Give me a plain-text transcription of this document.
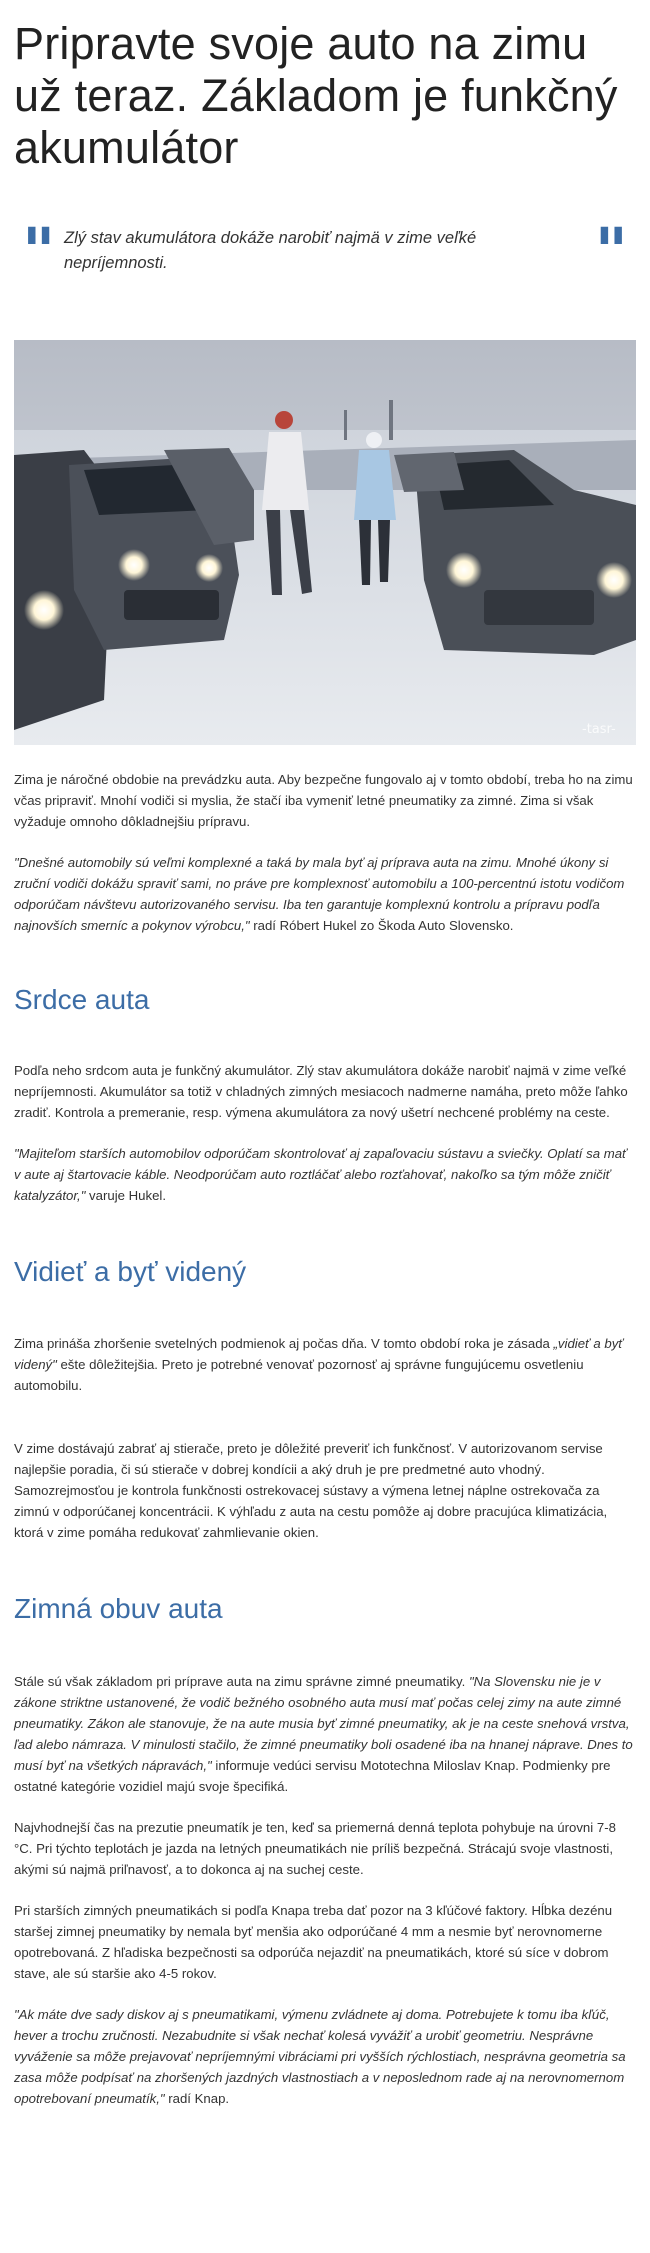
Pripravte svoje auto na zimu už teraz. Základom je funkčný akumulátor
" Zlý stav akumulátora dokáže narobiť najmä v zime veľké nepríjemnosti.	"
-tasr-

Zima je náročné obdobie na prevádzku auta. Aby bezpečne fungovalo aj v tomto období, treba ho na zimu včas pripraviť. Mnohí vodiči si myslia, že stačí iba vymeniť letné pneumatiky za zimné. Zima si však vyžaduje omnoho dôkladnejšiu prípravu.

"Dnešné automobily sú veľmi komplexné a taká by mala byť aj príprava auta na zimu. Mnohé úkony si zruční vodiči dokážu spraviť sami, no práve pre komplexnosť automobilu a 100-percentnú istotu vodičom odporúčam návštevu autorizovaného servisu. Iba ten garantuje komplexnú kontrolu a prípravu podľa najnovších smerníc a pokynov výrobcu," radí Róbert Hukel zo Škoda Auto Slovensko.

Srdce auta

Podľa neho srdcom auta je funkčný akumulátor. Zlý stav akumulátora dokáže narobiť najmä v zime veľké nepríjemnosti. Akumulátor sa totiž v chladných zimných mesiacoch nadmerne namáha, preto môže ľahko zradiť. Kontrola a premeranie, resp. výmena akumulátora za nový ušetrí nechcené problémy na ceste.

"Majiteľom starších automobilov odporúčam skontrolovať aj zapaľovaciu sústavu a sviečky. Oplatí sa mať v aute aj štartovacie káble. Neodporúčam auto roztláčať alebo rozťahovať, nakoľko sa tým môže zničiť katalyzátor," varuje Hukel.

Vidieť a byť videný

Zima prináša zhoršenie svetelných podmienok aj počas dňa. V tomto období roka je zásada „vidieť a byť videný" ešte dôležitejšia. Preto je potrebné venovať pozornosť aj správne fungujúcemu osvetleniu automobilu.

V zime dostávajú zabrať aj stierače, preto je dôležité preveriť ich funkčnosť. V autorizovanom servise najlepšie poradia, či sú stierače v dobrej kondícii a aký druh je pre predmetné auto vhodný. Samozrejmosťou je kontrola funkčnosti ostrekovacej sústavy a výmena letnej náplne ostrekovača za zimnú v odporúčanej koncentrácii. K výhľadu z auta na cestu pomôže aj dobre pracujúca klimatizácia, ktorá v zime pomáha redukovať zahmlievanie okien.

Zimná obuv auta

Stále sú však základom pri príprave auta na zimu správne zimné pneumatiky. "Na Slovensku nie je v zákone striktne ustanovené, že vodič bežného osobného auta musí mať počas celej zimy na aute zimné pneumatiky. Zákon ale stanovuje, že na aute musia byť zimné pneumatiky, ak je na ceste snehová vrstva, ľad alebo námraza. V minulosti stačilo, že zimné pneumatiky boli osadené iba na hnanej náprave. Dnes to musí byť na všetkých nápravách," informuje vedúci servisu Mototechna Miloslav Knap. Podmienky pre ostatné kategórie vozidiel majú svoje špecifiká.

Najvhodnejší čas na prezutie pneumatík je ten, keď sa priemerná denná teplota pohybuje na úrovni 7-8 °C. Pri týchto teplotách je jazda na letných pneumatikách nie príliš bezpečná. Strácajú svoje vlastnosti, akými sú najmä priľnavosť, a to dokonca aj na suchej ceste.

Pri starších zimných pneumatikách si podľa Knapa treba dať pozor na 3 kľúčové faktory. Hĺbka dezénu staršej zimnej pneumatiky by nemala byť menšia ako odporúčané 4 mm a nesmie byť nerovnomerne opotrebovaná. Z hľadiska bezpečnosti sa odporúča nejazdiť na pneumatikách, ktoré sú síce v dobrom stave, ale sú staršie ako 4-5 rokov.

"Ak máte dve sady diskov aj s pneumatikami, výmenu zvládnete aj doma. Potrebujete k tomu iba kľúč, hever a trochu zručnosti. Nezabudnite si však nechať kolesá vyvážiť a urobiť geometriu. Nesprávne vyváženie sa môže prejavovať nepríjemnými vibráciami pri vyšších rýchlostiach, nesprávna geometria sa zasa môže podpísať na zhoršených jazdných vlastnostiach a v neposlednom rade aj na nerovnomernom opotrebovaní pneumatík," radí Knap.
